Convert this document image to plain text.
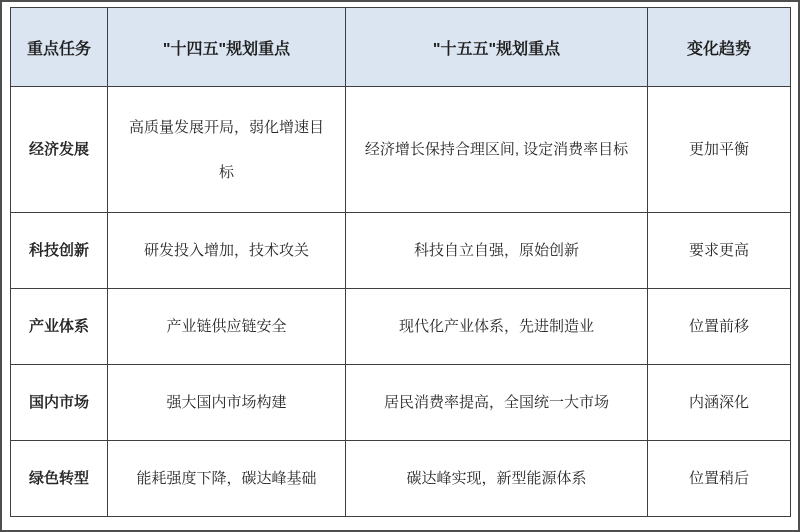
重点任务	"十四五"规划重点	"十五五"规划重点	变化趋势
经济发展	高质量发展开局，弱化增速目标	经济增长保持合理区间, 设定消费率目标	更加平衡
科技创新	研发投入增加，技术攻关	科技自立自强，原始创新	要求更高
产业体系	产业链供应链安全	现代化产业体系，先进制造业	位置前移
国内市场	强大国内市场构建	居民消费率提高，全国统一大市场	内涵深化
绿色转型	能耗强度下降，碳达峰基础	碳达峰实现，新型能源体系	位置稍后
